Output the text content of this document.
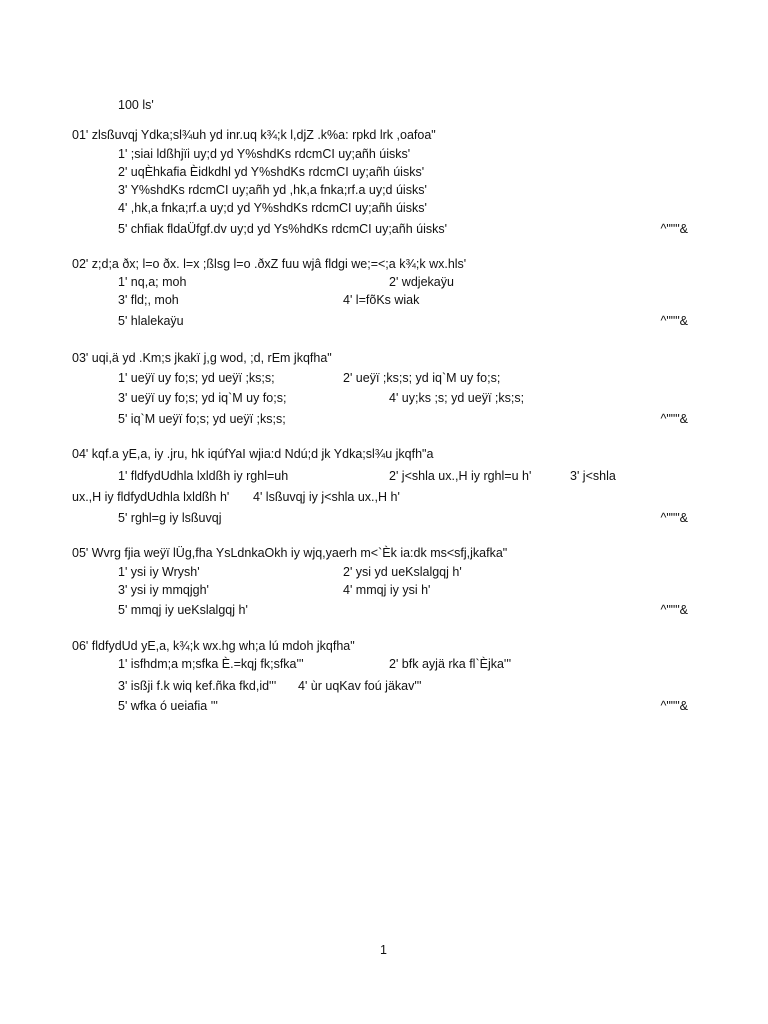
100 ls'
01' zlsßuvqj Ydka;sl¾uh yd inr.uq k¾;k l,djZ .k%a: rpkd lrk ,oafoa"
1' ;siai ldßhjïi uy;d yd Y%shdKs rdcmCI uy;añh úisks'
2' uqÈhkafia Èidkdhl yd Y%shdKs rdcmCI uy;añh úisks'
3' Y%shdKs rdcmCI uy;añh yd ,hk,a fnka;rf.a uy;d úisks'
4' ,hk,a fnka;rf.a uy;d yd Y%shdKs rdcmCI uy;añh úisks'
5' chfiak fldaÜfgf.dv uy;d yd Ys%hdKs rdcmCI uy;añh úisks'	^"""&
02' z;d;a ðx; l=o ðx. l=x ;ßlsg l=o .ðxZ fuu wjâ fldgi we;=<;a k¾;k wx.hls'
1' nq,a; moh	2' wdjekaÿu
3' fld;, moh	4' l=fõKs wiak
5' hlalekaÿu	^"""&
03' uqi,ä yd .Km;s jkakï j,g wod, ;d, rEm jkqfha"
1' ueÿï uy fo;s; yd ueÿï ;ks;s;	2' ueÿï ;ks;s; yd iq`M uy fo;s;
3' ueÿï uy fo;s; yd iq`M uy fo;s;	4' uy;ks ;s; yd ueÿï ;ks;s;
5' iq`M ueÿï fo;s; yd ueÿï ;ks;s;	^"""&
04' kqf.a yE,a, iy .jru, hk iqúfYaI wjia:d Ndú;d jk Ydka;sl¾u jkqfh"a
1' fldfydUdhla lxldßh iy rghl=uh	2' j<shla ux.,H iy rghl=u h'	3' j<shla
ux.,H iy fldfydUdhla lxldßh h' 4' lsßuvqj iy j<shla ux.,H h'
5' rghl=g iy lsßuvqj	^"""&
05' Wvrg fjia weÿï lÜg,fha YsLdnkaOkh iy wjq,yaerh m<`Èk ia:dk ms<sfj,jkafka"
1' ysi iy Wrysh'	2' ysi yd ueKslalgqj h'
3' ysi iy mmqjgh'	4' mmqj iy ysi h'
5' mmqj iy ueKslalgqj h'	^"""&
06' fldfydUd yE,a, k¾;k wx.hg wh;a lú mdoh jkqfha"
1' isfhdm;a m;sfka È.=kqj fk;sfka'''	2' bfk ayjä rka fl`Èjka'''
3' isßji f.k wiq kef.ñka fkd,id''' 4' ùr uqKav foú jäkav'''
5' wfka ó ueiafia '''	^"""&
1
